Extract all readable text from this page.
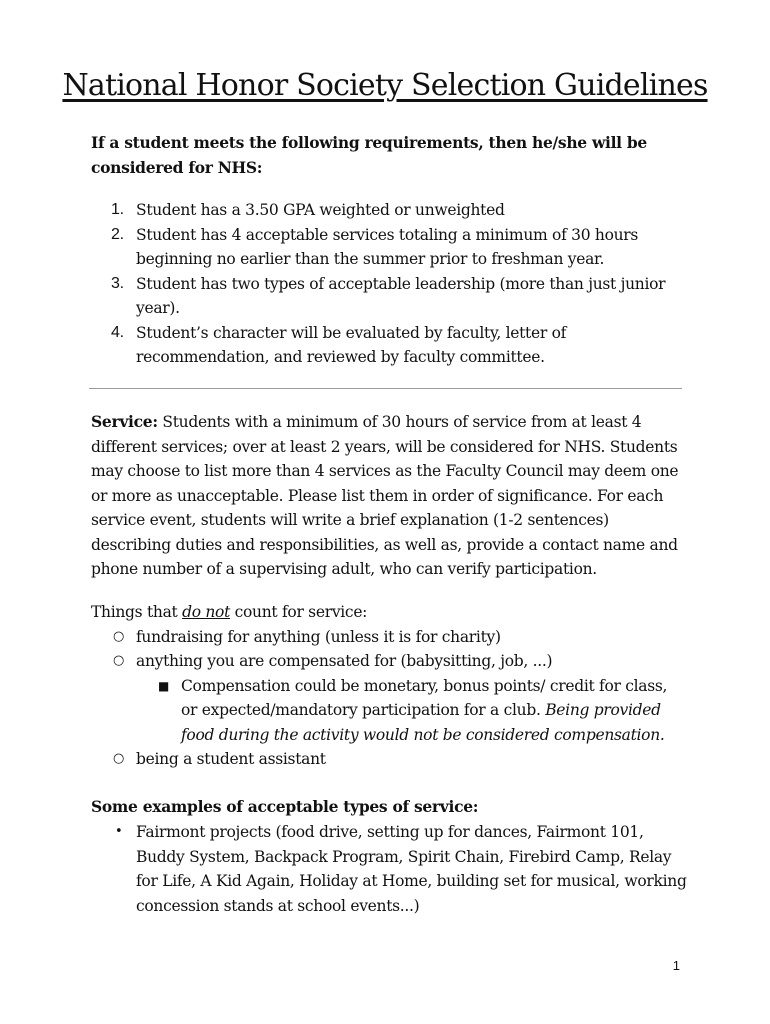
National Honor Society Selection Guidelines
If a student meets the following requirements, then he/she will be considered for NHS:
1. Student has a 3.50 GPA weighted or unweighted
2. Student has 4 acceptable services totaling a minimum of 30 hours beginning no earlier than the summer prior to freshman year.
3. Student has two types of acceptable leadership (more than just junior year).
4. Student’s character will be evaluated by faculty, letter of recommendation, and reviewed by faculty committee.
Service: Students with a minimum of 30 hours of service from at least 4 different services; over at least 2 years, will be considered for NHS. Students may choose to list more than 4 services as the Faculty Council may deem one or more as unacceptable. Please list them in order of significance. For each service event, students will write a brief explanation (1-2 sentences) describing duties and responsibilities, as well as, provide a contact name and phone number of a supervising adult, who can verify participation.
Things that do not count for service:
○ fundraising for anything (unless it is for charity)
○ anything you are compensated for (babysitting, job, ...)
■ Compensation could be monetary, bonus points/ credit for class, or expected/mandatory participation for a club. Being provided food during the activity would not be considered compensation.
○ being a student assistant
Some examples of acceptable types of service:
• Fairmont projects (food drive, setting up for dances, Fairmont 101, Buddy System, Backpack Program, Spirit Chain, Firebird Camp, Relay for Life, A Kid Again, Holiday at Home, building set for musical, working concession stands at school events...)
1
